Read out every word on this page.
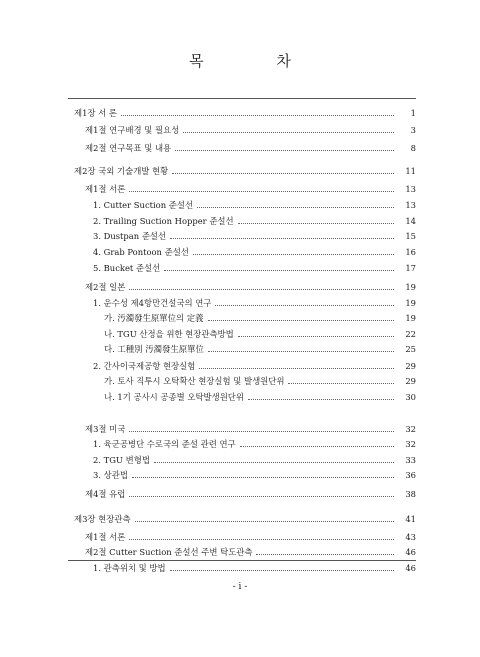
목 차
제1장 서 론	1
제1절 연구배경 및 필요성	3
제2절 연구목표 및 내용	8
제2장 국외 기술개발 현황	11
제1절 서론	13
1. Cutter Suction 준설선	13
2. Trailing Suction Hopper 준설선	14
3. Dustpan 준설선	15
4. Grab Pontoon 준설선	16
5. Bucket 준설선	17
제2절 일본	19
1. 운수성 제4항만건설국의 연구	19
가. 汚濁發生原單位의 定義	19
나. TGU 산정을 위한 현장관측방법	22
다. 工種別 汚濁發生原單位	25
2. 간사이국제공항 현장실험	29
가. 토사 직투시 오탁확산 현장실험 및 발생원단위	29
나. 1기 공사시 공종별 오탁발생원단위	30
제3절 미국	32
1. 육군공병단 수로국의 준설 관련 연구	32
2. TGU 변형법	33
3. 상관법	36
제4절 유럽	38
제3장 현장관측	41
제1절 서론	43
제2절 Cutter Suction 준설선 주변 탁도관측	46
1. 관측위치 및 방법	46
- i -
